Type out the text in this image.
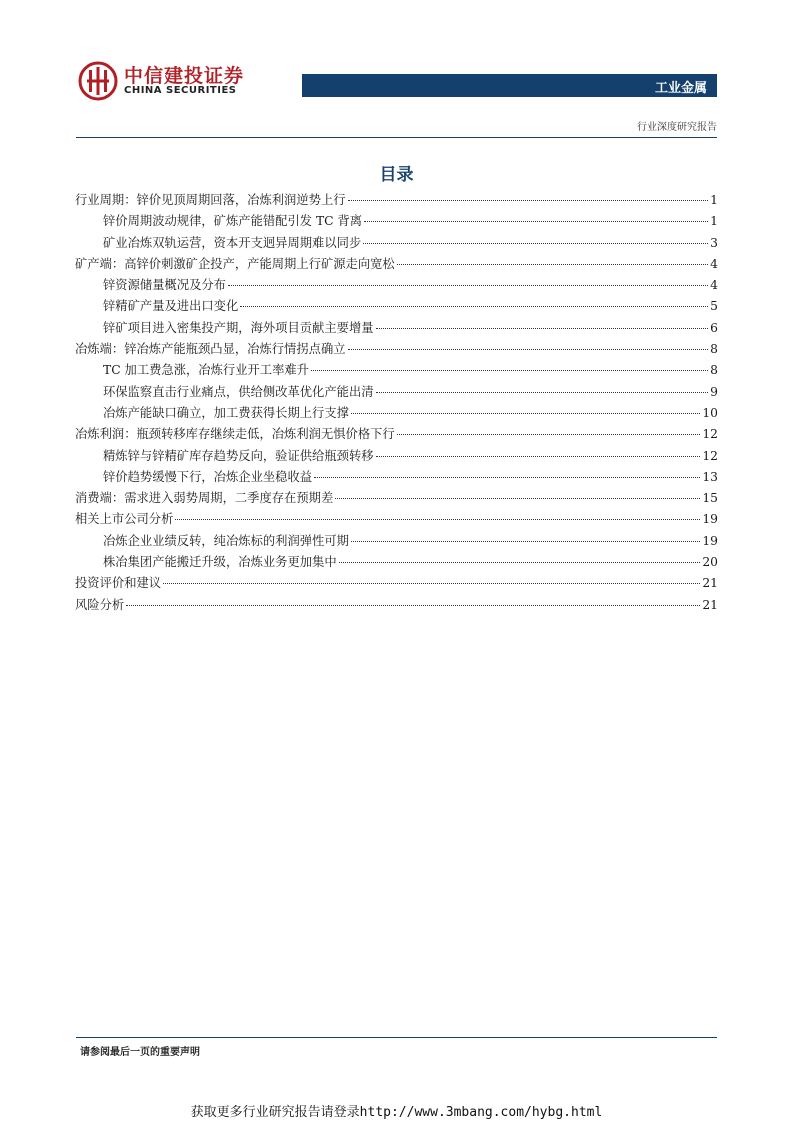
中信建投证券
CHINA SECURITIES	工业金属
行业深度研究报告
目录
行业周期：锌价见顶周期回落，冶炼利润逆势上行	1
锌价周期波动规律，矿炼产能错配引发 TC 背离	1
矿业冶炼双轨运营，资本开支迥异周期难以同步	3
矿产端：高锌价刺激矿企投产，产能周期上行矿源走向宽松	4
锌资源储量概况及分布	4
锌精矿产量及进出口变化	5
锌矿项目进入密集投产期，海外项目贡献主要增量	6
冶炼端：锌冶炼产能瓶颈凸显，冶炼行情拐点确立	8
TC 加工费急涨，冶炼行业开工率难升	8
环保监察直击行业痛点，供给侧改革优化产能出清	9
冶炼产能缺口确立，加工费获得长期上行支撑	10
冶炼利润：瓶颈转移库存继续走低，冶炼利润无惧价格下行	12
精炼锌与锌精矿库存趋势反向，验证供给瓶颈转移	12
锌价趋势缓慢下行，冶炼企业坐稳收益	13
消费端：需求进入弱势周期，二季度存在预期差	15
相关上市公司分析	19
冶炼企业业绩反转，纯冶炼标的利润弹性可期	19
株冶集团产能搬迁升级，冶炼业务更加集中	20
投资评价和建议	21
风险分析	21
请参阅最后一页的重要声明
获取更多行业研究报告请登录http://www.3mbang.com/hybg.html
